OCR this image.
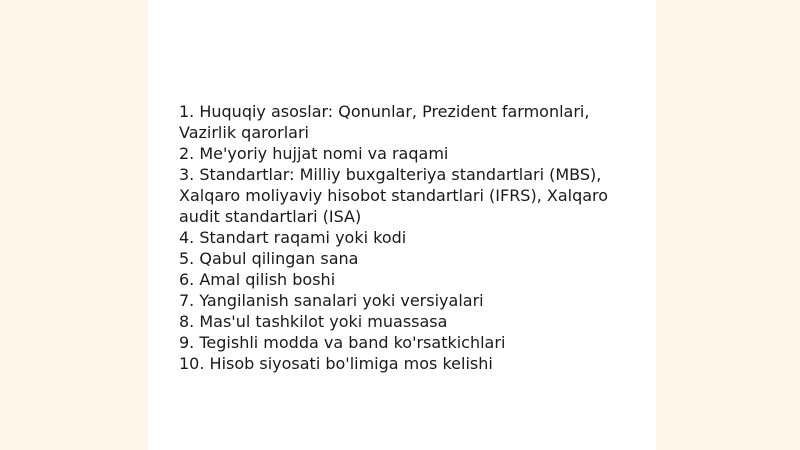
1. Huquqiy asoslar: Qonunlar, Prezident farmonlari, Vazirlik qarorlari
2. Me'yoriy hujjat nomi va raqami
3. Standartlar: Milliy buxgalteriya standartlari (MBS), Xalqaro moliyaviy hisobot standartlari (IFRS), Xalqaro audit standartlari (ISA)
4. Standart raqami yoki kodi
5. Qabul qilingan sana
6. Amal qilish boshi
7. Yangilanish sanalari yoki versiyalari
8. Mas'ul tashkilot yoki muassasa
9. Tegishli modda va band ko'rsatkichlari
10. Hisob siyosati bo'limiga mos kelishi
